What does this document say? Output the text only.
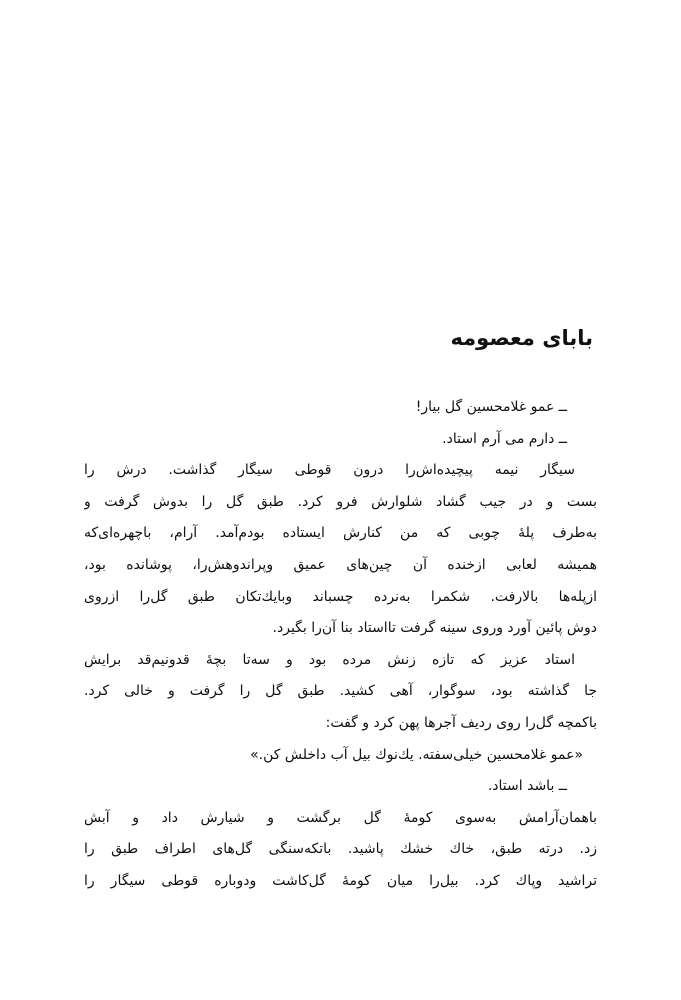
بابای معصومه
ــ عمو غلامحسین گل بیار!
ــ دارم می آرم استاد.
سیگار نیمه پیچیده‌اش‌را درون قوطی سیگار گذاشت. درش را
بست و در جیب گشاد شلوارش فرو کرد. طبق گل را بدوش گرفت و
به‌طرف پلهٔ چوبی که من کنارش ایستاده بودم‌آمد. آرام، باچهره‌ای‌که
همیشه لعابی ازخنده آن چین‌های عمیق وپراندوهش‌را، پوشانده بود،
ازپله‌ها بالارفت. شکمرا به‌نرده چسباند وبایك‌تکان طبق گل‌را ازروی
دوش پائین آورد وروی سینه گرفت تااستاد بنا آن‌را بگیرد.
استاد عزیز که تازه زنش مرده بود و سه‌تا بچهٔ قدونیم‌قد برایش
جا گذاشته بود، سوگوار، آهی کشید. طبق گل را گرفت و خالی کرد.
باکمچه گل‌را روی ردیف آجرها پهن کرد و گفت:
«عمو غلامحسین خیلی‌سفته. یك‌نوك بیل آب داخلش کن.»
ــ باشد استاد.
باهمان‌آرامش به‌سوی کومهٔ گل برگشت و شیارش داد و آبش
زد. درته طبق، خاك خشك پاشید. باتکه‌سنگی گل‌های اطراف طبق را
تراشید وپاك کرد. بیل‌را میان کومهٔ گل‌کاشت ودوباره قوطی سیگار را
